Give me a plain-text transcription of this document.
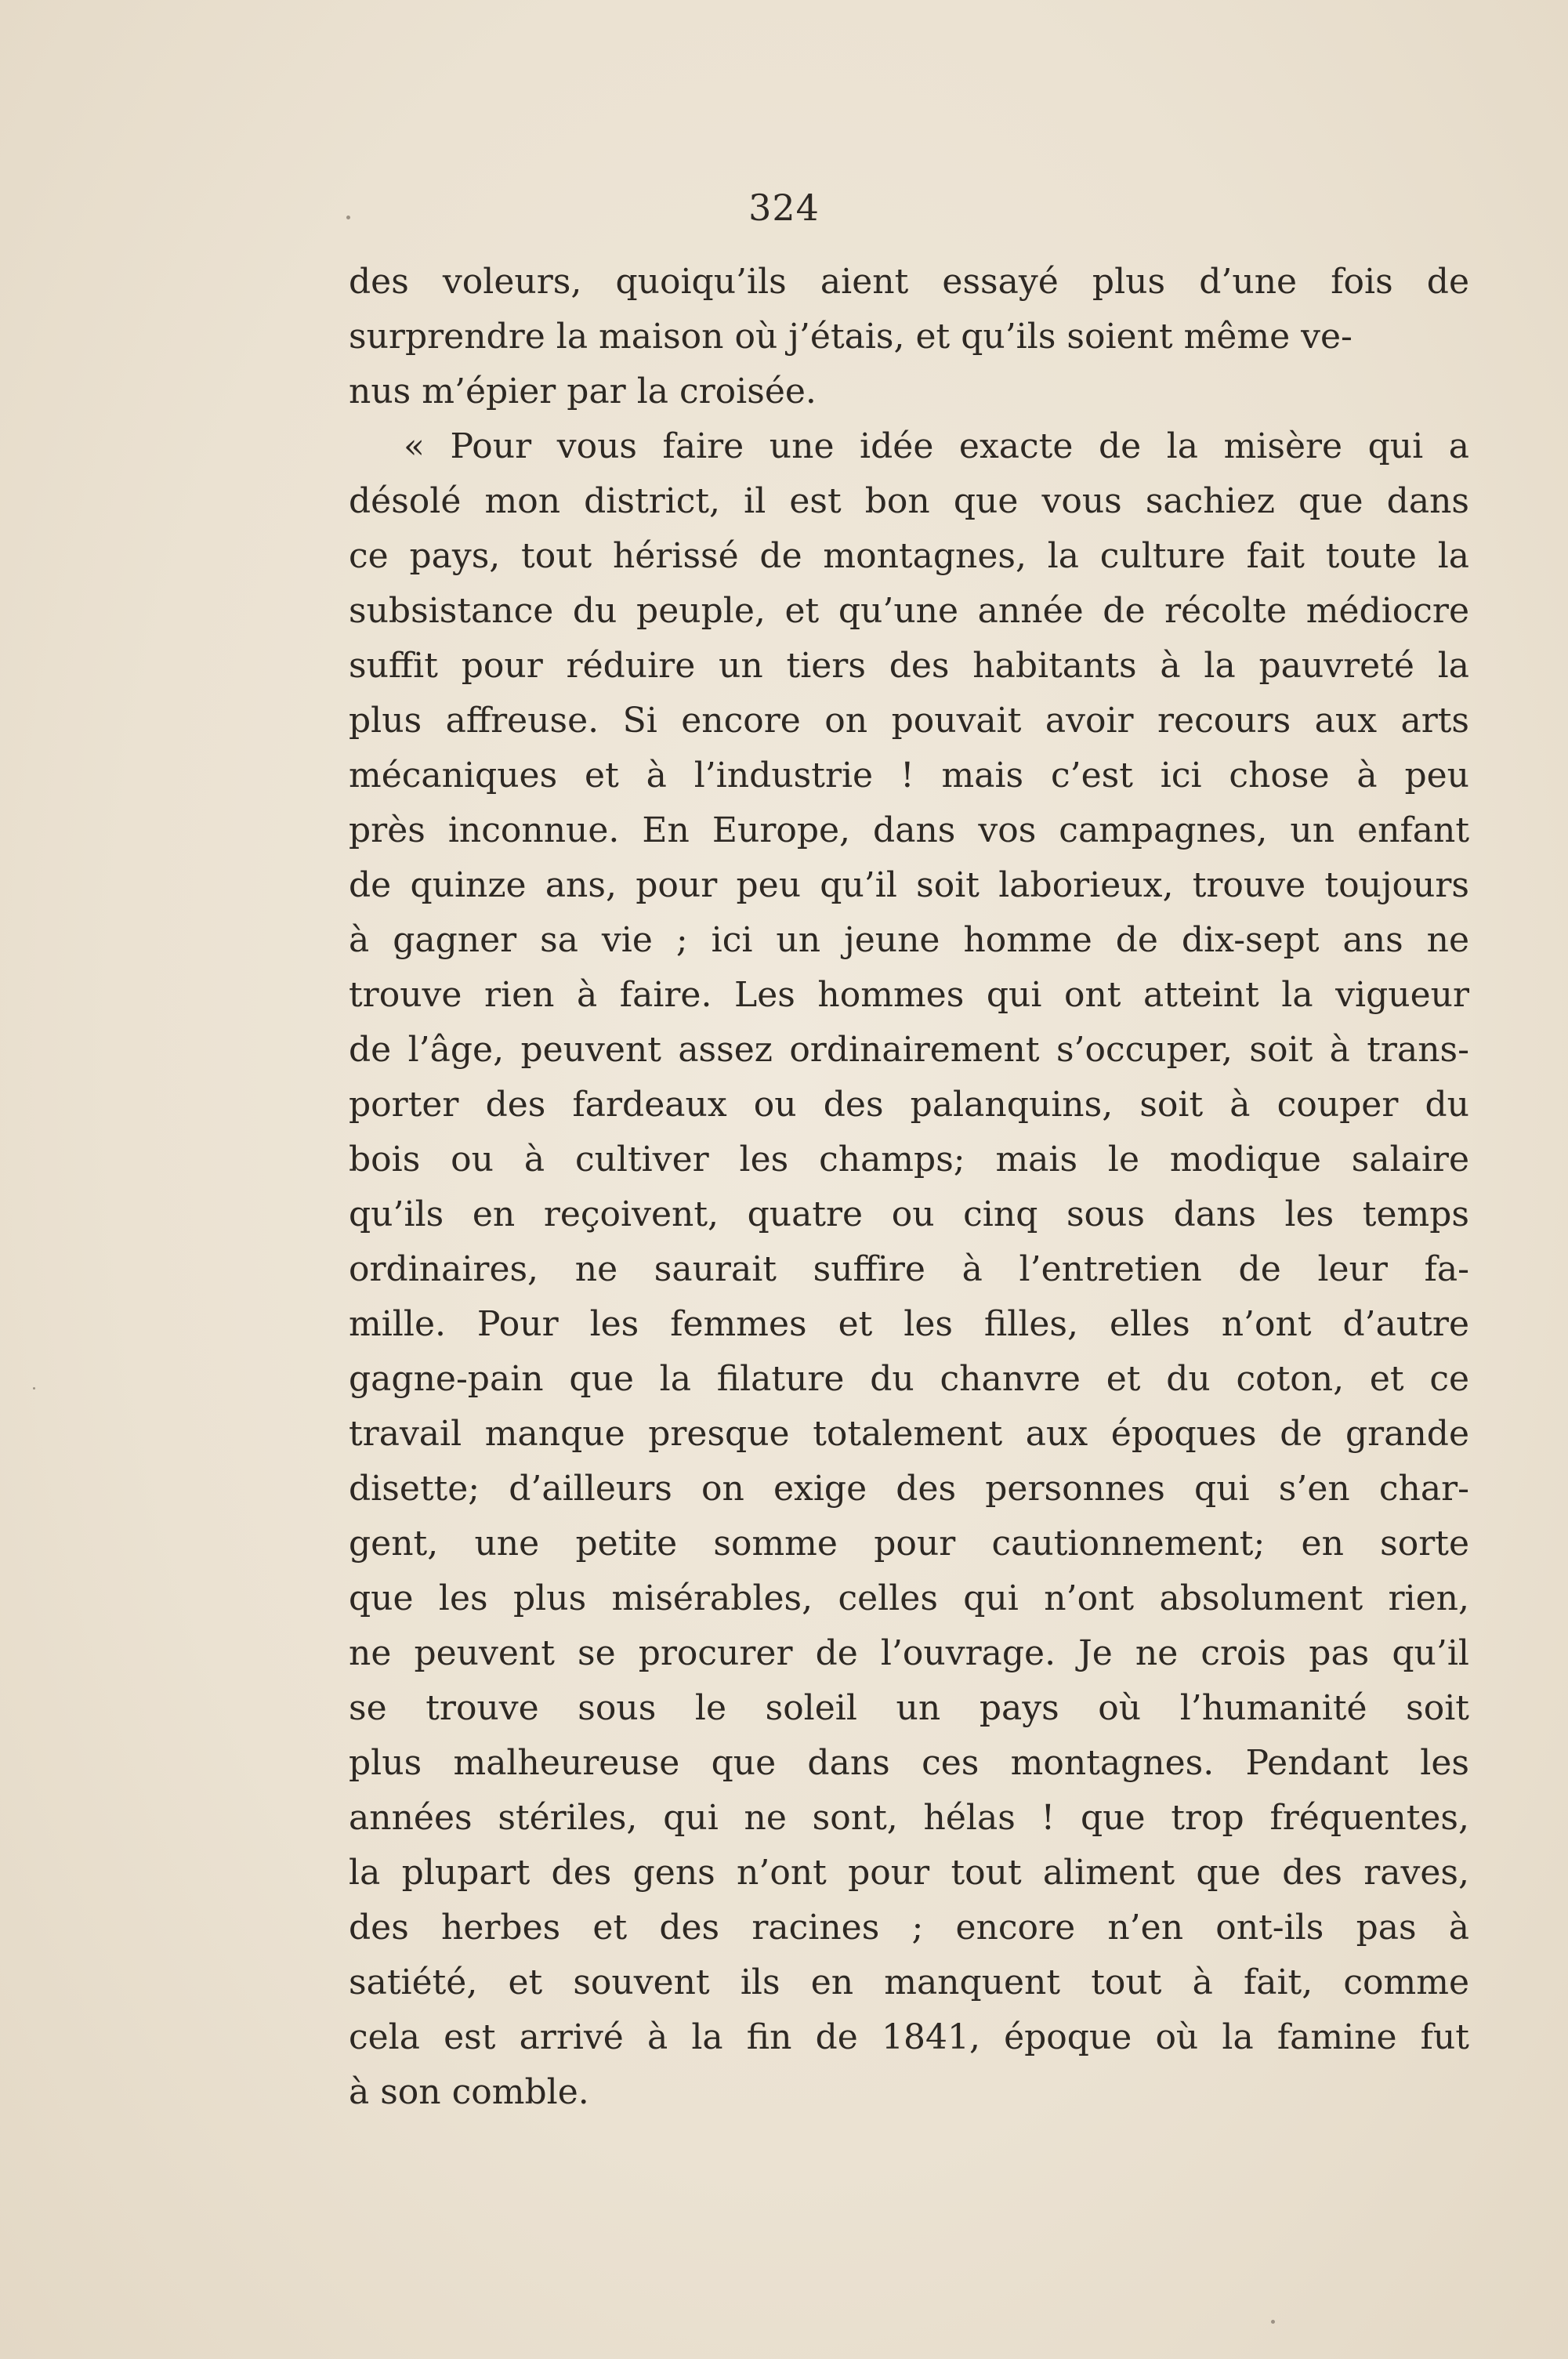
324
des voleurs, quoiqu’ils aient essayé plus d’une fois de
surprendre la maison où j’étais, et qu’ils soient même ve-
nus m’épier par la croisée.
« Pour vous faire une idée exacte de la misère qui a
désolé mon district, il est bon que vous sachiez que dans
ce pays, tout hérissé de montagnes, la culture fait toute la
subsistance du peuple, et qu’une année de récolte médiocre
suffit pour réduire un tiers des habitants à la pauvreté la
plus affreuse. Si encore on pouvait avoir recours aux arts
mécaniques et à l’industrie ! mais c’est ici chose à peu
près inconnue. En Europe, dans vos campagnes, un enfant
de quinze ans, pour peu qu’il soit laborieux, trouve toujours
à gagner sa vie ; ici un jeune homme de dix-sept ans ne
trouve rien à faire. Les hommes qui ont atteint la vigueur
de l’âge, peuvent assez ordinairement s’occuper, soit à trans-
porter des fardeaux ou des palanquins, soit à couper du
bois ou à cultiver les champs; mais le modique salaire
qu’ils en reçoivent, quatre ou cinq sous dans les temps
ordinaires, ne saurait suffire à l’entretien de leur fa-
mille. Pour les femmes et les filles, elles n’ont d’autre
gagne-pain que la filature du chanvre et du coton, et ce
travail manque presque totalement aux époques de grande
disette; d’ailleurs on exige des personnes qui s’en char-
gent, une petite somme pour cautionnement; en sorte
que les plus misérables, celles qui n’ont absolument rien,
ne peuvent se procurer de l’ouvrage. Je ne crois pas qu’il
se trouve sous le soleil un pays où l’humanité soit
plus malheureuse que dans ces montagnes. Pendant les
années stériles, qui ne sont, hélas ! que trop fréquentes,
la plupart des gens n’ont pour tout aliment que des raves,
des herbes et des racines ; encore n’en ont-ils pas à
satiété, et souvent ils en manquent tout à fait, comme
cela est arrivé à la fin de 1841, époque où la famine fut
à son comble.
